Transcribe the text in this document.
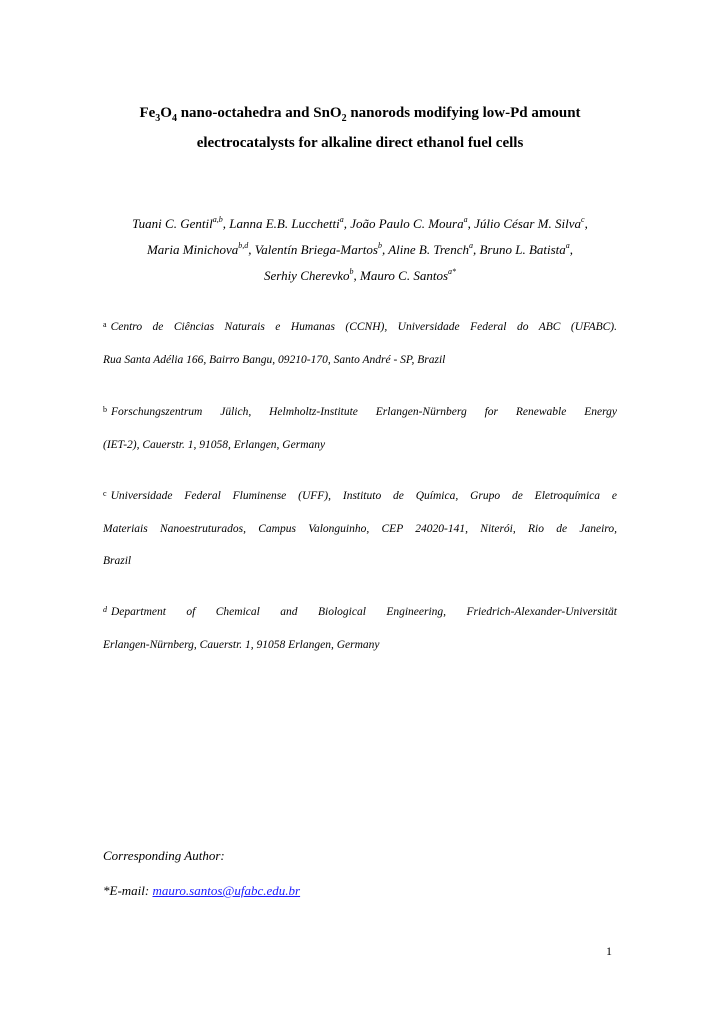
$Fe_3O_4$ nano-octahedra and SnO$_2$ nanorods modifying low-Pd amount
electrocatalysts for alkaline direct ethanol fuel cells
Tuani C. Gentil$^{a,b}$, Lanna E.B. Lucchetti$^a$, João Paulo C. Moura$^a$, Júlio César M. Silva$^c$,
Maria Minichova$^{b,d}$, Valentín Briega-Martos$^b$, Aline B. Trench$^a$, Bruno L. Batista$^a$,
Serhiy Cherevko$^b$, Mauro C. Santos$^{a*}$
$^a$ Centro de Ciências Naturais e Humanas (CCNH), Universidade Federal do ABC (UFABC).
Rua Santa Adélia 166, Bairro Bangu, 09210-170, Santo André - SP, Brazil
$^b$ Forschungszentrum Jülich, Helmholtz-Institute Erlangen-Nürnberg for Renewable Energy
(IET-2), Cauerstr. 1, 91058, Erlangen, Germany
$^c$ Universidade Federal Fluminense (UFF), Instituto de Química, Grupo de Eletroquímica e
Materiais Nanoestruturados, Campus Valonguinho, CEP 24020-141, Niterói, Rio de Janeiro,
Brazil
$^d$ Department of Chemical and Biological Engineering, Friedrich-Alexander-Universität
Erlangen-Nürnberg, Cauerstr. 1, 91058 Erlangen, Germany
Corresponding Author:
*E-mail: mauro.santos@ufabc.edu.br
1
